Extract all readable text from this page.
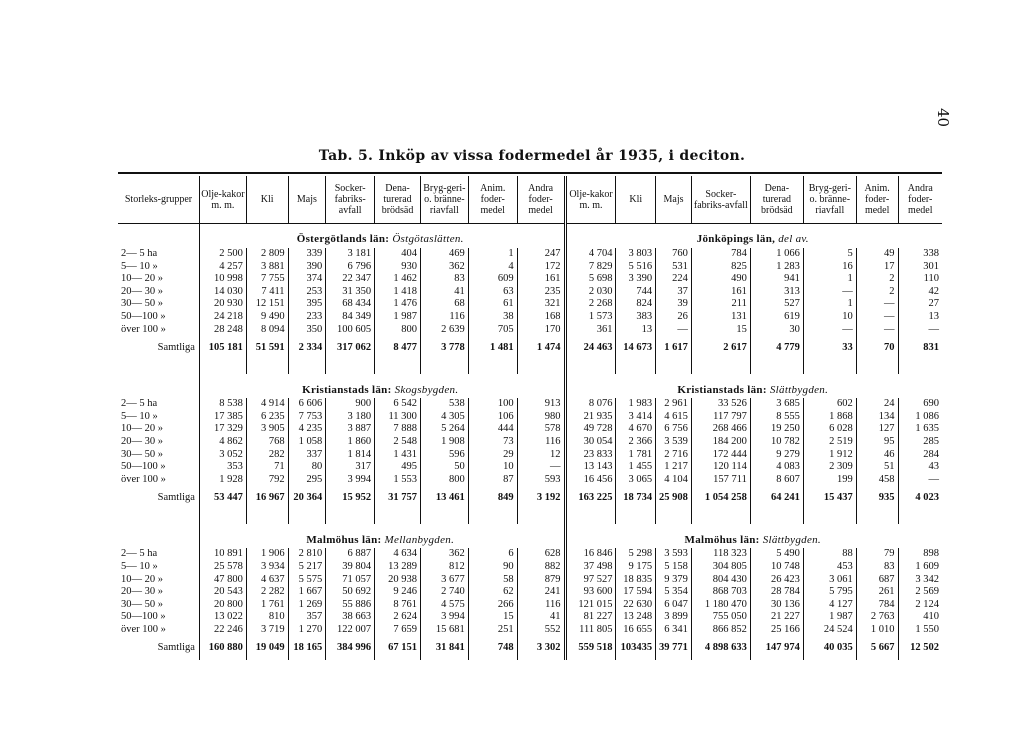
40
Tab. 5. Inköp av vissa fodermedel år 1935, i deciton.
Storleks-grupper	Olje-kakor m. m.	Kli	Majs	Socker-fabriks-avfall	Dena-turerad brödsäd	Bryg-geri- o. bränne-riavfall	Anim. foder-medel	Andra foder-medel	Olje-kakor m. m.	Kli	Majs	Socker-fabriks-avfall	Dena-turerad brödsäd	Bryg-geri- o. bränne-riavfall	Anim. foder-medel	Andra foder-medel
	Östergötlands län: Östgötaslätten.								Jönköpings län, del av.							
2— 5 ha	2 500	2 809	339	3 181	404	469	1	247	4 704	3 803	760	784	1 066	5	49	338
5— 10 »	4 257	3 881	390	6 796	930	362	4	172	7 829	5 516	531	825	1 283	16	17	301
10— 20 »	10 998	7 755	374	22 347	1 462	83	609	161	5 698	3 390	224	490	941	1	2	110
20— 30 »	14 030	7 411	253	31 350	1 418	41	63	235	2 030	744	37	161	313	—	2	42
30— 50 »	20 930	12 151	395	68 434	1 476	68	61	321	2 268	824	39	211	527	1	—	27
50—100 »	24 218	9 490	233	84 349	1 987	116	38	168	1 573	383	26	131	619	10	—	13
över 100 »	28 248	8 094	350	100 605	800	2 639	705	170	361	13	—	15	30	—	—	—
Samtliga	105 181	51 591	2 334	317 062	8 477	3 778	1 481	1 474	24 463	14 673	1 617	2 617	4 779	33	70	831

	Kristianstads län: Skogsbygden.								Kristianstads län: Slättbygden.							
2— 5 ha	8 538	4 914	6 606	900	6 542	538	100	913	8 076	1 983	2 961	33 526	3 685	602	24	690
5— 10 »	17 385	6 235	7 753	3 180	11 300	4 305	106	980	21 935	3 414	4 615	117 797	8 555	1 868	134	1 086
10— 20 »	17 329	3 905	4 235	3 887	7 888	5 264	444	578	49 728	4 670	6 756	268 466	19 250	6 028	127	1 635
20— 30 »	4 862	768	1 058	1 860	2 548	1 908	73	116	30 054	2 366	3 539	184 200	10 782	2 519	95	285
30— 50 »	3 052	282	337	1 814	1 431	596	29	12	23 833	1 781	2 716	172 444	9 279	1 912	46	284
50—100 »	353	71	80	317	495	50	10	—	13 143	1 455	1 217	120 114	4 083	2 309	51	43
över 100 »	1 928	792	295	3 994	1 553	800	87	593	16 456	3 065	4 104	157 711	8 607	199	458	—
Samtliga	53 447	16 967	20 364	15 952	31 757	13 461	849	3 192	163 225	18 734	25 908	1 054 258	64 241	15 437	935	4 023

	Malmöhus län: Mellanbygden.								Malmöhus län: Slättbygden.							
2— 5 ha	10 891	1 906	2 810	6 887	4 634	362	6	628	16 846	5 298	3 593	118 323	5 490	88	79	898
5— 10 »	25 578	3 934	5 217	39 804	13 289	812	90	882	37 498	9 175	5 158	304 805	10 748	453	83	1 609
10— 20 »	47 800	4 637	5 575	71 057	20 938	3 677	58	879	97 527	18 835	9 379	804 430	26 423	3 061	687	3 342
20— 30 »	20 543	2 282	1 667	50 692	9 246	2 740	62	241	93 600	17 594	5 354	868 703	28 784	5 795	261	2 569
30— 50 »	20 800	1 761	1 269	55 886	8 761	4 575	266	116	121 015	22 630	6 047	1 180 470	30 136	4 127	784	2 124
50—100 »	13 022	810	357	38 663	2 624	3 994	15	41	81 227	13 248	3 899	755 050	21 227	1 987	2 763	410
över 100 »	22 246	3 719	1 270	122 007	7 659	15 681	251	552	111 805	16 655	6 341	866 852	25 166	24 524	1 010	1 550
Samtliga	160 880	19 049	18 165	384 996	67 151	31 841	748	3 302	559 518	103435	39 771	4 898 633	147 974	40 035	5 667	12 502
